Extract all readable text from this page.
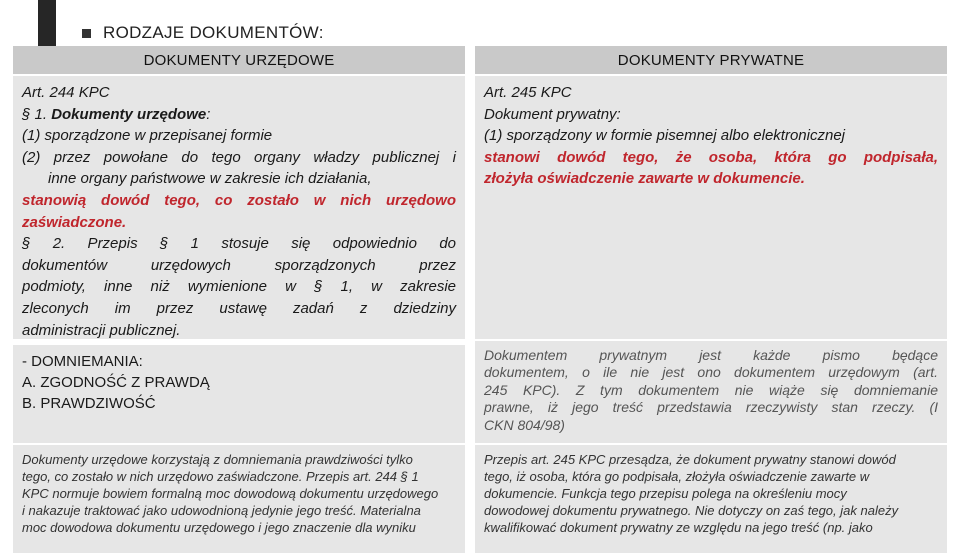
RODZAJE DOKUMENTÓW:
DOKUMENTY URZĘDOWE	DOKUMENTY PRYWATNE

Art. 244 KPC

§ 1. Dokumenty urzędowe:

(1) sporządzone w przepisanej formie

(2) przez powołane do tego organy władzy publicznej i

inne organy państwowe w zakresie ich działania,

stanowią dowód tego, co zostało w nich urzędowo

zaświadczone.

§ 2. Przepis § 1 stosuje się odpowiednio do

dokumentów urzędowych sporządzonych przez

podmioty, inne niż wymienione w § 1, w zakresie

zleconych im przez ustawę zadań z dziedziny

administracji publicznej.

Art. 245 KPC

Dokument prywatny:

(1) sporządzony w formie pisemnej albo elektronicznej

stanowi dowód tego, że osoba, która go podpisała,

złożyła oświadczenie zawarte w dokumencie.

- DOMNIEMANIA:

A. ZGODNOŚĆ Z PRAWDĄ

B. PRAWDZIWOŚĆ

Dokumentem prywatnym jest każde pismo będące
dokumentem, o ile nie jest ono dokumentem urzędowym (art.
245 KPC). Z tym dokumentem nie wiąże się domniemanie
prawne, iż jego treść przedstawia rzeczywisty stan rzeczy. (I
CKN 804/98)
Dokumenty urzędowe korzystają z domniemania prawdziwości tylko
tego, co zostało w nich urzędowo zaświadczone. Przepis art. 244 § 1
KPC normuje bowiem formalną moc dowodową dokumentu urzędowego
i nakazuje traktować jako udowodnioną jedynie jego treść. Materialna
moc dowodowa dokumentu urzędowego i jego znaczenie dla wyniku
Przepis art. 245 KPC przesądza, że dokument prywatny stanowi dowód
tego, iż osoba, która go podpisała, złożyła oświadczenie zawarte w
dokumencie. Funkcja tego przepisu polega na określeniu mocy
dowodowej dokumentu prywatnego. Nie dotyczy on zaś tego, jak należy
kwalifikować dokument prywatny ze względu na jego treść (np. jako
